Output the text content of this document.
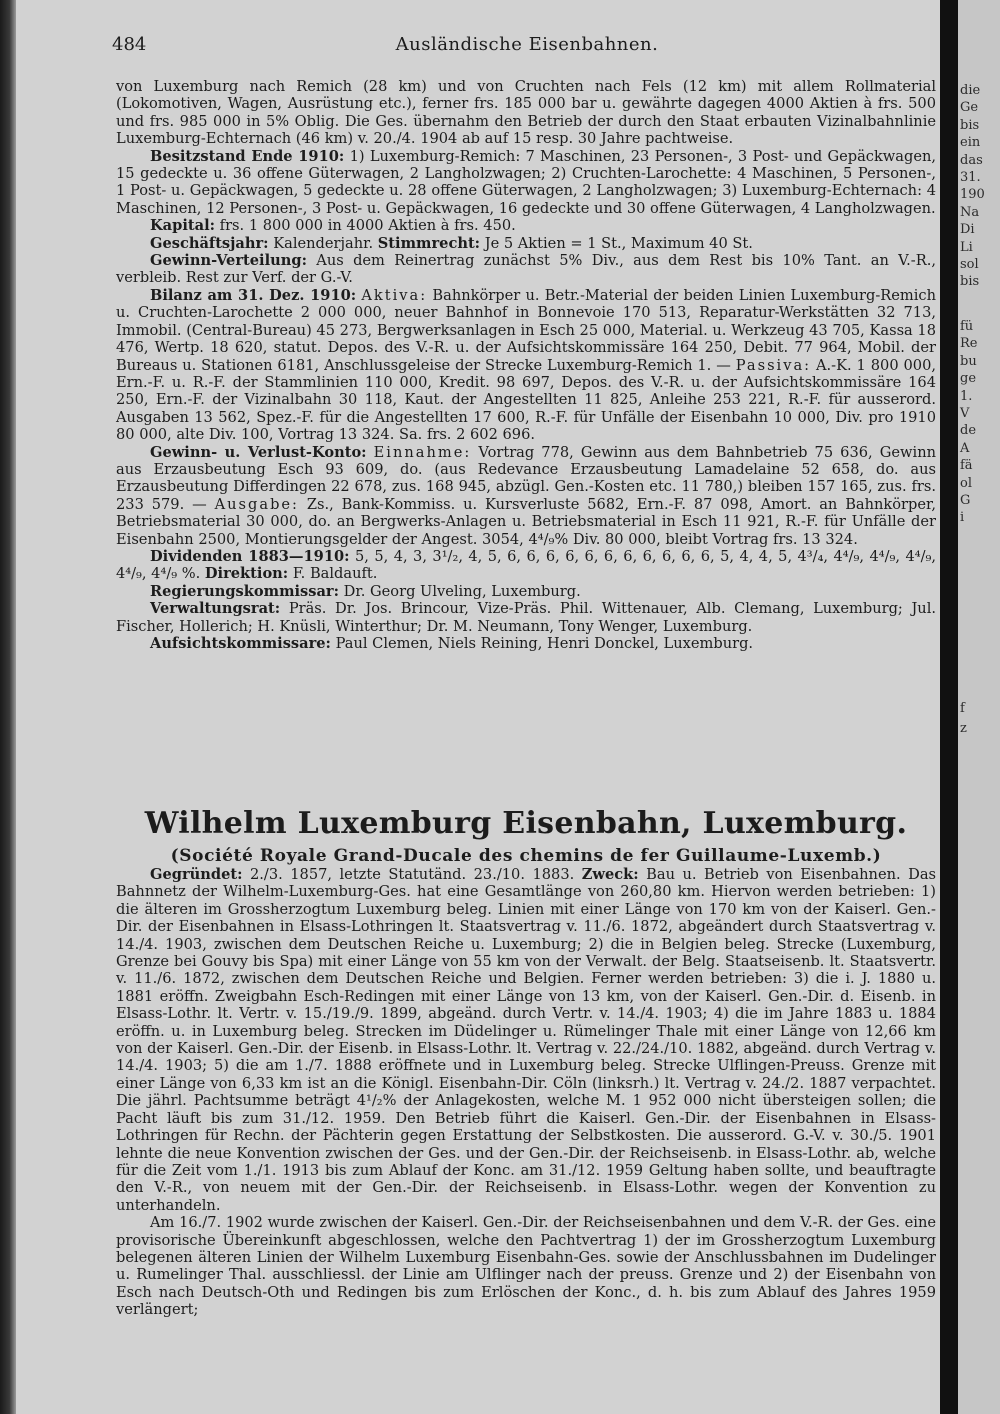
484	Ausländische Eisenbahnen.

von Luxemburg nach Remich (28 km) und von Cruchten nach Fels (12 km) mit allem Rollmaterial (Lokomotiven, Wagen, Ausrüstung etc.), ferner frs. 185 000 bar u. gewährte dagegen 4000 Aktien à frs. 500 und frs. 985 000 in 5% Oblig. Die Ges. übernahm den Betrieb der durch den Staat erbauten Vizinalbahnlinie Luxemburg-Echternach (46 km) v. 20./4. 1904 ab auf 15 resp. 30 Jahre pachtweise.

Besitzstand Ende 1910: 1) Luxemburg-Remich: 7 Maschinen, 23 Personen-, 3 Post- und Gepäckwagen, 15 gedeckte u. 36 offene Güterwagen, 2 Langholzwagen; 2) Cruchten-Larochette: 4 Maschinen, 5 Personen-, 1 Post- u. Gepäckwagen, 5 gedeckte u. 28 offene Güterwagen, 2 Langholzwagen; 3) Luxemburg-Echternach: 4 Maschinen, 12 Personen-, 3 Post- u. Gepäckwagen, 16 gedeckte und 30 offene Güterwagen, 4 Langholzwagen.

Kapital: frs. 1 800 000 in 4000 Aktien à frs. 450.

Geschäftsjahr: Kalenderjahr. Stimmrecht: Je 5 Aktien = 1 St., Maximum 40 St.

Gewinn-Verteilung: Aus dem Reinertrag zunächst 5% Div., aus dem Rest bis 10% Tant. an V.-R., verbleib. Rest zur Verf. der G.-V.

Bilanz am 31. Dez. 1910: Aktiva: Bahnkörper u. Betr.-Material der beiden Linien Luxemburg-Remich u. Cruchten-Larochette 2 000 000, neuer Bahnhof in Bonnevoie 170 513, Reparatur-Werkstätten 32 713, Immobil. (Central-Bureau) 45 273, Bergwerksanlagen in Esch 25 000, Material. u. Werkzeug 43 705, Kassa 18 476, Wertp. 18 620, statut. Depos. des V.-R. u. der Aufsichtskommissäre 164 250, Debit. 77 964, Mobil. der Bureaus u. Stationen 6181, Anschlussgeleise der Strecke Luxemburg-Remich 1. — Passiva: A.-K. 1 800 000, Ern.-F. u. R.-F. der Stammlinien 110 000, Kredit. 98 697, Depos. des V.-R. u. der Aufsichtskommissäre 164 250, Ern.-F. der Vizinalbahn 30 118, Kaut. der Angestellten 11 825, Anleihe 253 221, R.-F. für ausserord. Ausgaben 13 562, Spez.-F. für die Angestellten 17 600, R.-F. für Unfälle der Eisenbahn 10 000, Div. pro 1910 80 000, alte Div. 100, Vortrag 13 324. Sa. frs. 2 602 696.

Gewinn- u. Verlust-Konto: Einnahme: Vortrag 778, Gewinn aus dem Bahnbetrieb 75 636, Gewinn aus Erzausbeutung Esch 93 609, do. (aus Redevance Erzausbeutung Lamadelaine 52 658, do. aus Erzausbeutung Differdingen 22 678, zus. 168 945, abzügl. Gen.-Kosten etc. 11 780,) bleiben 157 165, zus. frs. 233 579. — Ausgabe: Zs., Bank-Kommiss. u. Kursverluste 5682, Ern.-F. 87 098, Amort. an Bahnkörper, Betriebsmaterial 30 000, do. an Bergwerks-Anlagen u. Betriebsmaterial in Esch 11 921, R.-F. für Unfälle der Eisenbahn 2500, Montierungsgelder der Angest. 3054, 4⁴/₉% Div. 80 000, bleibt Vortrag frs. 13 324.

Dividenden 1883—1910: 5, 5, 4, 3, 3¹/₂, 4, 5, 6, 6, 6, 6, 6, 6, 6, 6, 6, 6, 6, 5, 4, 4, 5, 4³/₄, 4⁴/₉, 4⁴/₉, 4⁴/₉, 4⁴/₉, 4⁴/₉ %. Direktion: F. Baldauft.

Regierungskommissar: Dr. Georg Ulveling, Luxemburg.

Verwaltungsrat: Präs. Dr. Jos. Brincour, Vize-Präs. Phil. Wittenauer, Alb. Clemang, Luxemburg; Jul. Fischer, Hollerich; H. Knüsli, Winterthur; Dr. M. Neumann, Tony Wenger, Luxemburg.

Aufsichtskommissare: Paul Clemen, Niels Reining, Henri Donckel, Luxemburg.

Wilhelm Luxemburg Eisenbahn, Luxemburg.
(Société Royale Grand-Ducale des chemins de fer Guillaume-Luxemb.)

Gegründet: 2./3. 1857, letzte Statutänd. 23./10. 1883. Zweck: Bau u. Betrieb von Eisenbahnen. Das Bahnnetz der Wilhelm-Luxemburg-Ges. hat eine Gesamtlänge von 260,80 km. Hiervon werden betrieben: 1) die älteren im Grossherzogtum Luxemburg beleg. Linien mit einer Länge von 170 km von der Kaiserl. Gen.-Dir. der Eisenbahnen in Elsass-Lothringen lt. Staatsvertrag v. 11./6. 1872, abgeändert durch Staatsvertrag v. 14./4. 1903, zwischen dem Deutschen Reiche u. Luxemburg; 2) die in Belgien beleg. Strecke (Luxemburg, Grenze bei Gouvy bis Spa) mit einer Länge von 55 km von der Verwalt. der Belg. Staatseisenb. lt. Staatsvertr. v. 11./6. 1872, zwischen dem Deutschen Reiche und Belgien. Ferner werden betrieben: 3) die i. J. 1880 u. 1881 eröffn. Zweigbahn Esch-Redingen mit einer Länge von 13 km, von der Kaiserl. Gen.-Dir. d. Eisenb. in Elsass-Lothr. lt. Vertr. v. 15./19./9. 1899, abgeänd. durch Vertr. v. 14./4. 1903; 4) die im Jahre 1883 u. 1884 eröffn. u. in Luxemburg beleg. Strecken im Düdelinger u. Rümelinger Thale mit einer Länge von 12,66 km von der Kaiserl. Gen.-Dir. der Eisenb. in Elsass-Lothr. lt. Vertrag v. 22./24./10. 1882, abgeänd. durch Vertrag v. 14./4. 1903; 5) die am 1./7. 1888 eröffnete und in Luxemburg beleg. Strecke Ulflingen-Preuss. Grenze mit einer Länge von 6,33 km ist an die Königl. Eisenbahn-Dir. Cöln (linksrh.) lt. Vertrag v. 24./2. 1887 verpachtet. Die jährl. Pachtsumme beträgt 4¹/₂% der Anlagekosten, welche M. 1 952 000 nicht übersteigen sollen; die Pacht läuft bis zum 31./12. 1959. Den Betrieb führt die Kaiserl. Gen.-Dir. der Eisenbahnen in Elsass-Lothringen für Rechn. der Pächterin gegen Erstattung der Selbstkosten. Die ausserord. G.-V. v. 30./5. 1901 lehnte die neue Konvention zwischen der Ges. und der Gen.-Dir. der Reichseisenb. in Elsass-Lothr. ab, welche für die Zeit vom 1./1. 1913 bis zum Ablauf der Konc. am 31./12. 1959 Geltung haben sollte, und beauftragte den V.-R., von neuem mit der Gen.-Dir. der Reichseisenb. in Elsass-Lothr. wegen der Konvention zu unterhandeln.

Am 16./7. 1902 wurde zwischen der Kaiserl. Gen.-Dir. der Reichseisenbahnen und dem V.-R. der Ges. eine provisorische Übereinkunft abgeschlossen, welche den Pachtvertrag 1) der im Grossherzogtum Luxemburg belegenen älteren Linien der Wilhelm Luxemburg Eisenbahn-Ges. sowie der Anschlussbahnen im Dudelinger u. Rumelinger Thal. ausschliessl. der Linie am Ulflinger nach der preuss. Grenze und 2) der Eisenbahn von Esch nach Deutsch-Oth und Redingen bis zum Erlöschen der Konc., d. h. bis zum Ablauf des Jahres 1959 verlängert;

die
Ge
bis
ein
das
31.
190
Na
Di
Li
sol
bis
fü
Re
bu
ge
1.
V
de
A
fä
ol
G
i
f
z
